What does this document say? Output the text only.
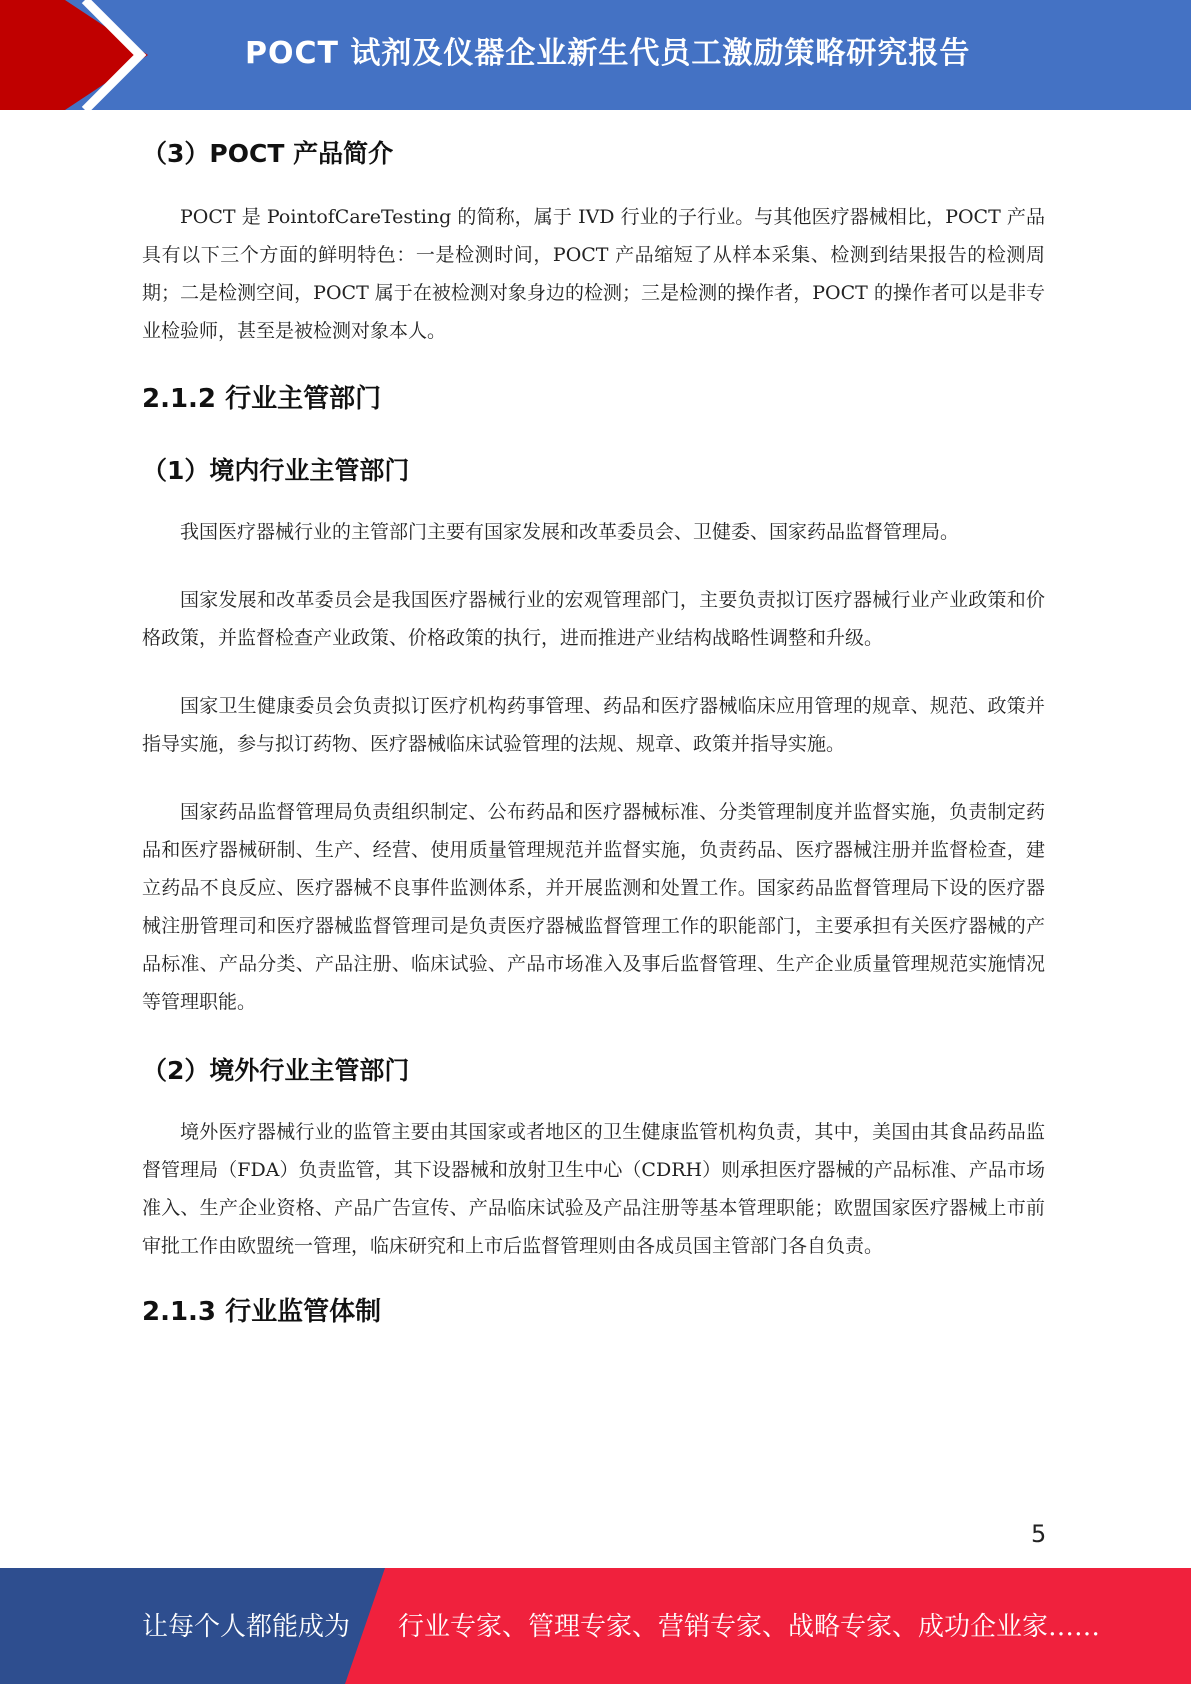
POCT 试剂及仪器企业新生代员工激励策略研究报告
（3）POCT 产品简介

POCT 是 PointofCareTesting 的简称，属于 IVD 行业的子行业。与其他医疗器械相比，POCT 产品具有以下三个方面的鲜明特色：一是检测时间，POCT 产品缩短了从样本采集、检测到结果报告的检测周期；二是检测空间，POCT 属于在被检测对象身边的检测；三是检测的操作者，POCT 的操作者可以是非专业检验师，甚至是被检测对象本人。

2.1.2 行业主管部门
（1）境内行业主管部门

我国医疗器械行业的主管部门主要有国家发展和改革委员会、卫健委、国家药品监督管理局。

国家发展和改革委员会是我国医疗器械行业的宏观管理部门，主要负责拟订医疗器械行业产业政策和价格政策，并监督检查产业政策、价格政策的执行，进而推进产业结构战略性调整和升级。

国家卫生健康委员会负责拟订医疗机构药事管理、药品和医疗器械临床应用管理的规章、规范、政策并指导实施，参与拟订药物、医疗器械临床试验管理的法规、规章、政策并指导实施。

国家药品监督管理局负责组织制定、公布药品和医疗器械标准、分类管理制度并监督实施，负责制定药品和医疗器械研制、生产、经营、使用质量管理规范并监督实施，负责药品、医疗器械注册并监督检查，建立药品不良反应、医疗器械不良事件监测体系，并开展监测和处置工作。国家药品监督管理局下设的医疗器械注册管理司和医疗器械监督管理司是负责医疗器械监督管理工作的职能部门，主要承担有关医疗器械的产品标准、产品分类、产品注册、临床试验、产品市场准入及事后监督管理、生产企业质量管理规范实施情况等管理职能。

（2）境外行业主管部门

境外医疗器械行业的监管主要由其国家或者地区的卫生健康监管机构负责，其中，美国由其食品药品监督管理局（FDA）负责监管，其下设器械和放射卫生中心（CDRH）则承担医疗器械的产品标准、产品市场准入、生产企业资格、产品广告宣传、产品临床试验及产品注册等基本管理职能；欧盟国家医疗器械上市前审批工作由欧盟统一管理，临床研究和上市后监督管理则由各成员国主管部门各自负责。

2.1.3 行业监管体制
5
让每个人都能成为 行业专家、管理专家、营销专家、战略专家、成功企业家……
